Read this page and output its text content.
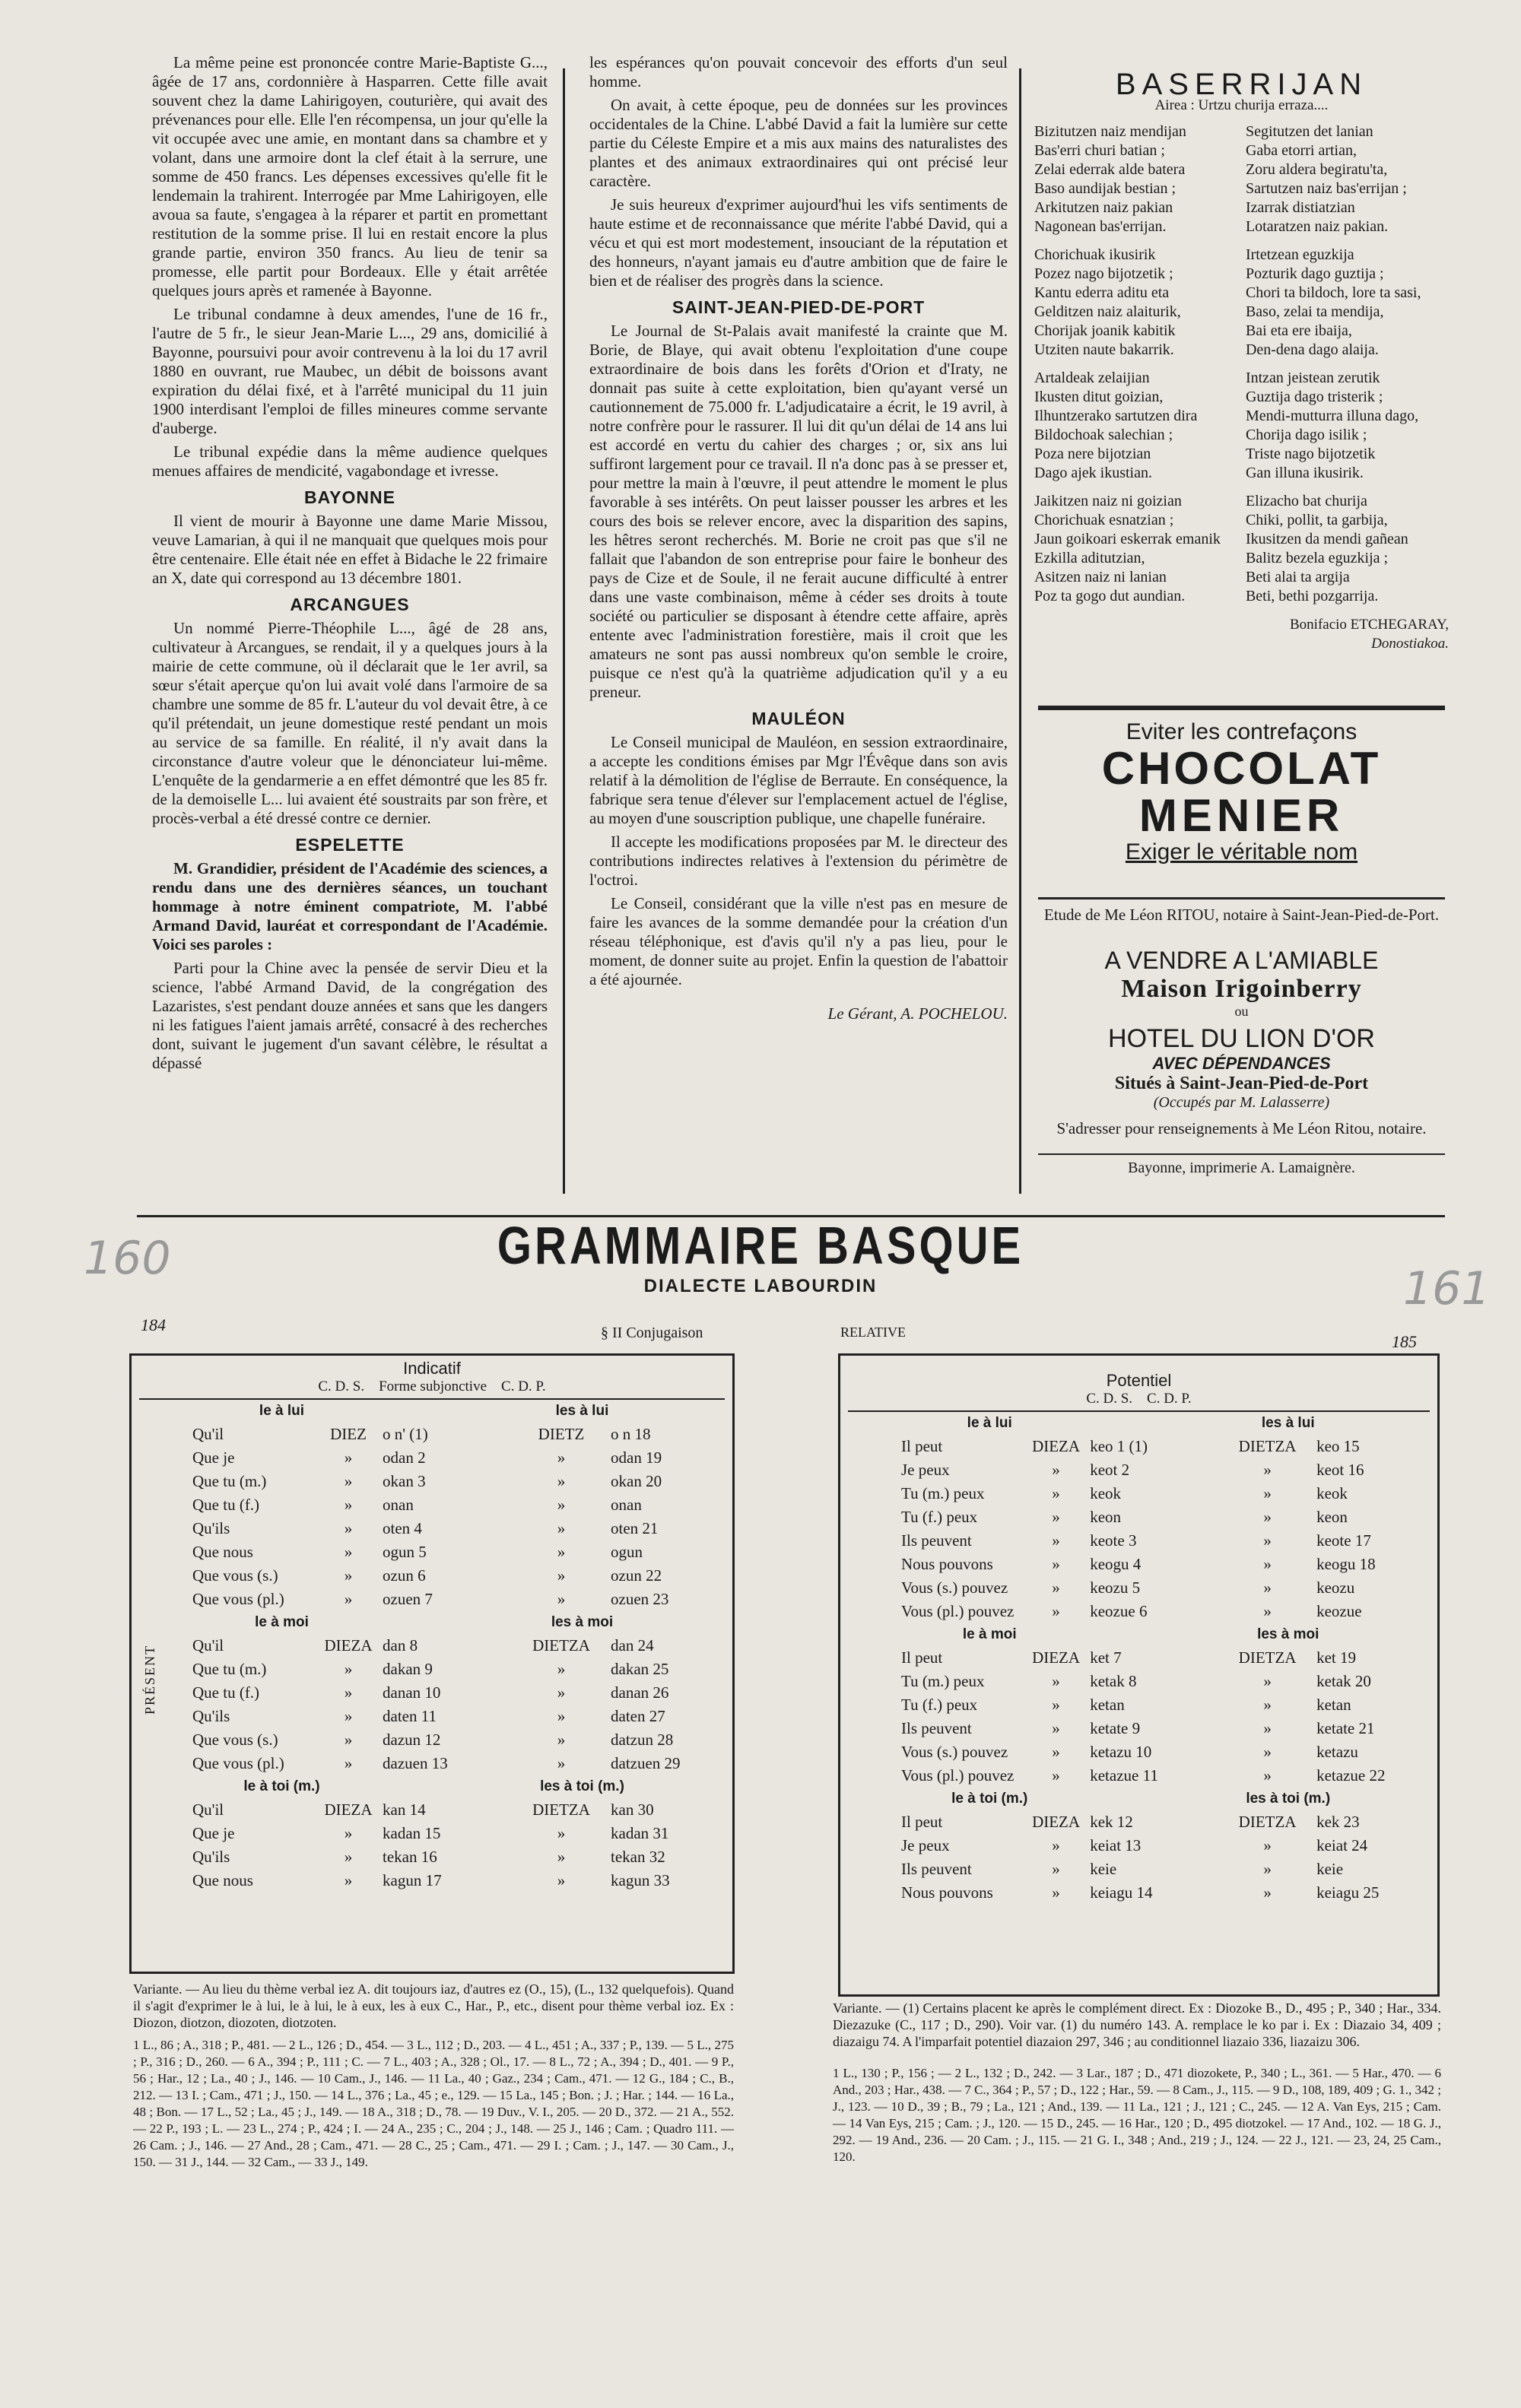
La même peine est prononcée contre Marie-Baptiste G..., âgée de 17 ans, cordonnière à Hasparren. Cette fille avait souvent chez la dame Lahirigoyen, couturière, qui avait des prévenances pour elle. Elle l'en récompensa, un jour qu'elle la vit occupée avec une amie, en montant dans sa chambre et y volant, dans une armoire dont la clef était à la serrure, une somme de 450 francs. Les dépenses excessives qu'elle fit le lendemain la trahirent. Interrogée par Mme Lahirigoyen, elle avoua sa faute, s'engagea à la réparer et partit en promettant restitution de la somme prise. Il lui en restait encore la plus grande partie, environ 350 francs. Au lieu de tenir sa promesse, elle partit pour Bordeaux. Elle y était arrêtée quelques jours après et ramenée à Bayonne.

Le tribunal condamne à deux amendes, l'une de 16 fr., l'autre de 5 fr., le sieur Jean-Marie L..., 29 ans, domicilié à Bayonne, poursuivi pour avoir contrevenu à la loi du 17 avril 1880 en ouvrant, rue Maubec, un débit de boissons avant expiration du délai fixé, et à l'arrêté municipal du 11 juin 1900 interdisant l'emploi de filles mineures comme servante d'auberge.

Le tribunal expédie dans la même audience quelques menues affaires de mendicité, vagabondage et ivresse.

BAYONNE

Il vient de mourir à Bayonne une dame Marie Missou, veuve Lamarian, à qui il ne manquait que quelques mois pour être centenaire. Elle était née en effet à Bidache le 22 frimaire an X, date qui correspond au 13 décembre 1801.

ARCANGUES

Un nommé Pierre-Théophile L..., âgé de 28 ans, cultivateur à Arcangues, se rendait, il y a quelques jours à la mairie de cette commune, où il déclarait que le 1er avril, sa sœur s'était aperçue qu'on lui avait volé dans l'armoire de sa chambre une somme de 85 fr. L'auteur du vol devait être, à ce qu'il prétendait, un jeune domestique resté pendant un mois au service de sa famille. En réalité, il n'y avait dans la circonstance d'autre voleur que le dénonciateur lui-même. L'enquête de la gendarmerie a en effet démontré que les 85 fr. de la demoiselle L... lui avaient été soustraits par son frère, et procès-verbal a été dressé contre ce dernier.

ESPELETTE

M. Grandidier, président de l'Académie des sciences, a rendu dans une des dernières séances, un touchant hommage à notre éminent compatriote, M. l'abbé Armand David, lauréat et correspondant de l'Académie. Voici ses paroles :

Parti pour la Chine avec la pensée de servir Dieu et la science, l'abbé Armand David, de la congrégation des Lazaristes, s'est pendant douze années et sans que les dangers ni les fatigues l'aient jamais arrêté, consacré à des recherches dont, suivant le jugement d'un savant célèbre, le résultat a dépassé

les espérances qu'on pouvait concevoir des efforts d'un seul homme.

On avait, à cette époque, peu de données sur les provinces occidentales de la Chine. L'abbé David a fait la lumière sur cette partie du Céleste Empire et a mis aux mains des naturalistes des plantes et des animaux extraordinaires qui ont précisé leur caractère.

Je suis heureux d'exprimer aujourd'hui les vifs sentiments de haute estime et de reconnaissance que mérite l'abbé David, qui a vécu et qui est mort modestement, insouciant de la réputation et des honneurs, n'ayant jamais eu d'autre ambition que de faire le bien et de réaliser des progrès dans la science.

SAINT-JEAN-PIED-DE-PORT

Le Journal de St-Palais avait manifesté la crainte que M. Borie, de Blaye, qui avait obtenu l'exploitation d'une coupe extraordinaire de bois dans les forêts d'Orion et d'Iraty, ne donnait pas suite à cette exploitation, bien qu'ayant versé un cautionnement de 75.000 fr. L'adjudicataire a écrit, le 19 avril, à notre confrère pour le rassurer. Il lui dit qu'un délai de 14 ans lui est accordé en vertu du cahier des charges ; or, six ans lui suffiront largement pour ce travail. Il n'a donc pas à se presser et, pour mettre la main à l'œuvre, il peut attendre le moment le plus favorable à ses intérêts. On peut laisser pousser les arbres et les cours des bois se relever encore, avec la disparition des sapins, les hêtres seront recherchés. M. Borie ne croit pas que s'il ne fallait que l'abandon de son entreprise pour faire le bonheur des pays de Cize et de Soule, il ne ferait aucune difficulté à entrer dans une vaste combinaison, même à céder ses droits à toute société ou particulier se disposant à étendre cette affaire, après entente avec l'administration forestière, mais il croit que les amateurs ne sont pas aussi nombreux qu'on semble le croire, puisque ce n'est qu'à la quatrième adjudication qu'il y a eu preneur.

MAULÉON

Le Conseil municipal de Mauléon, en session extraordinaire, a accepte les conditions émises par Mgr l'Évêque dans son avis relatif à la démolition de l'église de Berraute. En conséquence, la fabrique sera tenue d'élever sur l'emplacement actuel de l'église, au moyen d'une souscription publique, une chapelle funéraire.

Il accepte les modifications proposées par M. le directeur des contributions indirectes relatives à l'extension du périmètre de l'octroi.

Le Conseil, considérant que la ville n'est pas en mesure de faire les avances de la somme demandée pour la création d'un réseau téléphonique, est d'avis qu'il n'y a pas lieu, pour le moment, de donner suite au projet. Enfin la question de l'abattoir a été ajournée.

Le Gérant, A. POCHELOU.
BASERRIJAN
Airea : Urtzu churija erraza....
Bizitutzen naiz mendijan
Bas'erri churi batian ;
Zelai ederrak alde batera
Baso aundijak bestian ;
Arkitutzen naiz pakian
Nagonean bas'errijan.
Segitutzen det lanian
Gaba etorri artian,
Zoru aldera begiratu'ta,
Sartutzen naiz bas'errijan ;
Izarrak distiatzian
Lotaratzen naiz pakian.
Chorichuak ikusirik
Pozez nago bijotzetik ;
Kantu ederra aditu eta
Gelditzen naiz alaiturik,
Chorijak joanik kabitik
Utziten naute bakarrik.
Irtetzean eguzkija
Pozturik dago guztija ;
Chori ta bildoch, lore ta sasi,
Baso, zelai ta mendija,
Bai eta ere ibaija,
Den-dena dago alaija.
Artaldeak zelaijian
Ikusten ditut goizian,
Ilhuntzerako sartutzen dira
Bildochoak salechian ;
Poza nere bijotzian
Dago ajek ikustian.
Intzan jeistean zerutik
Guztija dago tristerik ;
Mendi-mutturra illuna dago,
Chorija dago isilik ;
Triste nago bijotzetik
Gan illuna ikusirik.
Jaikitzen naiz ni goizian
Chorichuak esnatzian ;
Jaun goikoari eskerrak emanik
Ezkilla aditutzian,
Asitzen naiz ni lanian
Poz ta gogo dut aundian.
Elizacho bat churija
Chiki, pollit, ta garbija,
Ikusitzen da mendi gañean
Balitz bezela eguzkija ;
Beti alai ta argija
Beti, bethi pozgarrija.
Bonifacio ETCHEGARAY,
Donostiakoa.
Eviter les contrefaçons
CHOCOLAT
MENIER
Exiger le véritable nom
Etude de Me Léon RITOU, notaire à Saint-Jean-Pied-de-Port.
A VENDRE A L'AMIABLE
Maison Irigoinberry
ou
HOTEL DU LION D'OR
AVEC DÉPENDANCES
Situés à Saint-Jean-Pied-de-Port
(Occupés par M. Lalasserre)
S'adresser pour renseignements à Me Léon Ritou, notaire.
Bayonne, imprimerie A. Lamaignère.
GRAMMAIRE BASQUE
DIALECTE LABOURDIN
160
161
184	§ II Conjugaison	RELATIVE	185
Indicatif
C. D. S.    Forme subjonctive    C. D. P.
le à lui	les à lui
Qu'il	DIEZ	o n' (1)	DIETZ	o n 18
Que je	»	odan 2	»	odan 19
Que tu (m.)	»	okan 3	»	okan 20
Que tu (f.)	»	onan	»	onan
Qu'ils	»	oten 4	»	oten 21
Que nous	»	ogun 5	»	ogun
Que vous (s.)	»	ozun 6	»	ozun 22
Que vous (pl.)	»	ozuen 7	»	ozuen 23
le à moi	les à moi
Qu'il	DIEZA dan 8	DIETZA	dan 24
Que tu (m.)	»	dakan 9	»	dakan 25
Que tu (f.)	»	danan 10	»	danan 26
Qu'ils	»	daten 11	»	daten 27
Que vous (s.)	»	dazun 12	»	datzun 28
Que vous (pl.)	»	dazuen 13	»	datzuen 29
le à toi (m.)	les à toi (m.)
Qu'il	DIEZA kan 14	DIETZA	kan 30
Que je	»	kadan 15	»	kadan 31
Qu'ils	»	tekan 16	»	tekan 32
Que nous	»	kagun 17	»	kagun 33
PRÉSENT
Potentiel
C. D. S.    C. D. P.
le à lui	les à lui
Il peut	DIEZA keo 1 (1)	DIETZA	keo 15
Je peux	»	keot 2	»	keot 16
Tu (m.) peux	»	keok	»	keok
Tu (f.) peux	»	keon	»	keon
Ils peuvent	»	keote 3	»	keote 17
Nous pouvons	»	keogu 4	»	keogu 18
Vous (s.) pouvez	»	keozu 5	»	keozu
Vous (pl.) pouvez	»	keozue 6	»	keozue
le à moi	les à moi
Il peut	DIEZA ket 7	DIETZA	ket 19
Tu (m.) peux	»	ketak 8	»	ketak 20
Tu (f.) peux	»	ketan	»	ketan
Ils peuvent	»	ketate 9	»	ketate 21
Vous (s.) pouvez	»	ketazu 10	»	ketazu
Vous (pl.) pouvez	»	ketazue 11	»	ketazue 22
le à toi (m.)	les à toi (m.)
Il peut	DIEZA kek 12	DIETZA	kek 23
Je peux	»	keiat 13	»	keiat 24
Ils peuvent	»	keie	»	keie
Nous pouvons	»	keiagu 14	»	keiagu 25

Variante. — Au lieu du thème verbal iez A. dit toujours iaz, d'autres ez (O., 15), (L., 132 quelquefois). Quand il s'agit d'exprimer le à lui, le à lui, le à eux, les à eux C., Har., P., etc., disent pour thème verbal ioz. Ex : Diozon, diotzon, diozoten, diotzoten.

1 L., 86 ; A., 318 ; P., 481. — 2 L., 126 ; D., 454. — 3 L., 112 ; D., 203. — 4 L., 451 ; A., 337 ; P., 139. — 5 L., 275 ; P., 316 ; D., 260. — 6 A., 394 ; P., 111 ; C. — 7 L., 403 ; A., 328 ; Ol., 17. — 8 L., 72 ; A., 394 ; D., 401. — 9 P., 56 ; Har., 12 ; La., 40 ; J., 146. — 10 Cam., J., 146. — 11 La., 40 ; Gaz., 234 ; Cam., 471. — 12 G., 184 ; C., B., 212. — 13 I. ; Cam., 471 ; J., 150. — 14 L., 376 ; La., 45 ; e., 129. — 15 La., 145 ; Bon. ; J. ; Har. ; 144. — 16 La., 48 ; Bon. — 17 L., 52 ; La., 45 ; J., 149. — 18 A., 318 ; D., 78. — 19 Duv., V. I., 205. — 20 D., 372. — 21 A., 552. — 22 P., 193 ; L. — 23 L., 274 ; P., 424 ; I. — 24 A., 235 ; C., 204 ; J., 148. — 25 J., 146 ; Cam. ; Quadro 111. — 26 Cam. ; J., 146. — 27 And., 28 ; Cam., 471. — 28 C., 25 ; Cam., 471. — 29 I. ; Cam. ; J., 147. — 30 Cam., J., 150. — 31 J., 144. — 32 Cam., — 33 J., 149.

Variante. — (1) Certains placent ke après le complément direct. Ex : Diozoke B., D., 495 ; P., 340 ; Har., 334. Diezazuke (C., 117 ; D., 290). Voir var. (1) du numéro 143. A. remplace le ko par i. Ex : Diazaio 34, 409 ; diazaigu 74. A l'imparfait potentiel diazaion 297, 346 ; au conditionnel liazaio 336, liazaizu 306.

1 L., 130 ; P., 156 ; — 2 L., 132 ; D., 242. — 3 Lar., 187 ; D., 471 diozokete, P., 340 ; L., 361. — 5 Har., 470. — 6 And., 203 ; Har., 438. — 7 C., 364 ; P., 57 ; D., 122 ; Har., 59. — 8 Cam., J., 115. — 9 D., 108, 189, 409 ; G. 1., 342 ; J., 123. — 10 D., 39 ; B., 79 ; La., 121 ; And., 139. — 11 La., 121 ; J., 121 ; C., 245. — 12 A. Van Eys, 215 ; Cam. — 14 Van Eys, 215 ; Cam. ; J., 120. — 15 D., 245. — 16 Har., 120 ; D., 495 diotzokel. — 17 And., 102. — 18 G. J., 292. — 19 And., 236. — 20 Cam. ; J., 115. — 21 G. I., 348 ; And., 219 ; J., 124. — 22 J., 121. — 23, 24, 25 Cam., 120.
